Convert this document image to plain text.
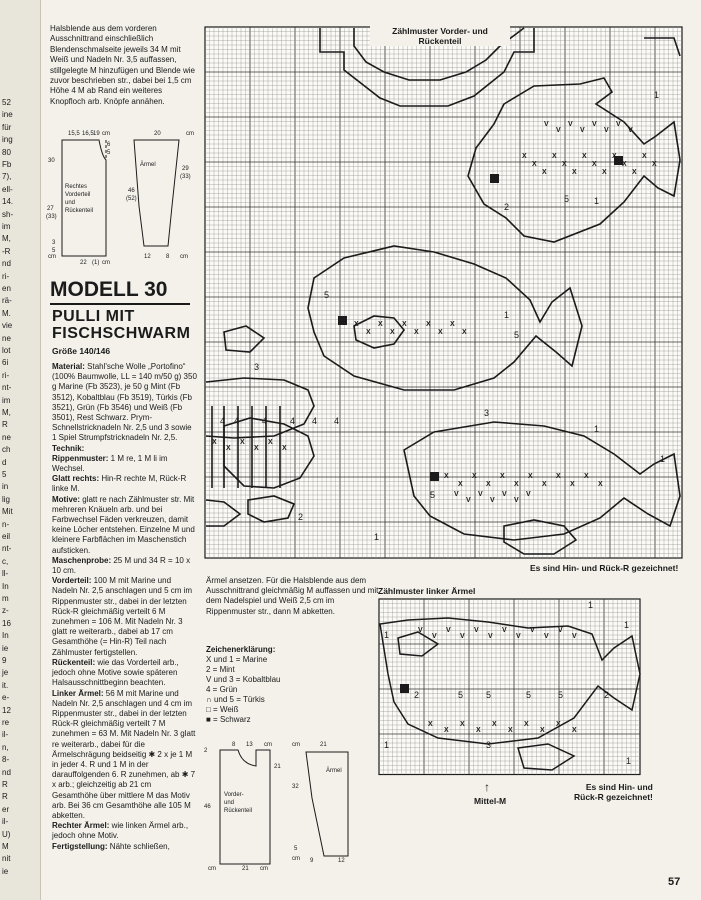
52
ine
für
ing
80
Fb
7),
ell-
14.
sh-
im
M,
-R
nd
ri-
en
rä-
M.
vie
ne
lot
6i
ri-
nt-
im
M,
R
ne
ch
d
5
in
lig
Mit
n-
eil
nt-
c,
ll-
In
m
z-
16
In
ie
9
je
it.
e-
12
re
il-
n,
8-
nd
R
R
er
il-
U)
M
nit
ie
Halsblende aus dem vorderen Ausschnittrand einschließlich Blendenschmalseite jeweils 34 M mit Weiß und Nadeln Nr. 3,5 auffassen, stillgelegte M hinzufügen und Blende wie zuvor beschrieben str., dabei bei 1,5 cm Höhe 4 M ab Rand ein weiteres Knopfloch arb. Knöpfe annähen.
15,5 16,5 19 cm
6
5
30
27
(33)
3
5
cm
22 (1) cm
Rechtes
Vorderteil
und
Rückenteil
20	cm
Ärmel
29
(33)
46
(52)
12	8 cm
MODELL 30
PULLI MIT
FISCHSCHWARM
Größe 140/146

Material: Stahl'sche Wolle „Portofino“ (100% Baumwolle, LL = 140 m/50 g) 350 g Marine (Fb 3523), je 50 g Mint (Fb 3512), Kobaltblau (Fb 3519), Türkis (Fb 3521), Grün (Fb 3546) und Weiß (Fb 3501), Rest Schwarz. Prym-Schnellstricknadeln Nr. 2,5 und 3 sowie 1 Spiel Strumpfstricknadeln Nr. 2,5.

Technik:

Rippenmuster: 1 M re, 1 M li im Wechsel.

Glatt rechts: Hin-R rechte M, Rück-R linke M.

Motive: glatt re nach Zählmuster str. Mit mehreren Knäueln arb. und bei Farbwechsel Fäden verkreuzen, damit keine Löcher entstehen. Einzelne M und kleinere Farbflächen im Maschenstich aufsticken.

Maschenprobe: 25 M und 34 R = 10 x 10 cm.

Vorderteil: 100 M mit Marine und Nadeln Nr. 2,5 anschlagen und 5 cm im Rippenmuster str., dabei in der letzten Rück-R gleichmäßig verteilt 6 M zunehmen = 106 M. Mit Nadeln Nr. 3 glatt re weiterarb., dabei ab 17 cm Gesamthöhe (= Hin-R) Teil nach Zählmuster fertigstellen.

Rückenteil: wie das Vorderteil arb., jedoch ohne Motive sowie späteren Halsausschnittbeginn beachten.

Linker Ärmel: 56 M mit Marine und Nadeln Nr. 2,5 anschlagen und 4 cm im Rippenmuster str., dabei in der letzten Rück-R gleichmäßig verteilt 7 M zunehmen = 63 M. Mit Nadeln Nr. 3 glatt re weiterarb., dabei für die Ärmelschrägung beidseitig ✱ 2 x je 1 M in jeder 4. R und 1 M in der darauffolgenden 6. R zunehmen, ab ✱ 7 x arb.; gleichzeitig ab 21 cm Gesamthöhe über mittlere M das Motiv arb. Bei 36 cm Gesamthöhe alle 105 M abketten.

Rechter Ärmel: wie linken Ärmel arb., jedoch ohne Motiv.

Fertigstellung: Nähte schließen,

Ärmel ansetzen. Für die Halsblende aus dem Ausschnittrand gleichmäßig M auffassen und mit dem Nadelspiel und Weiß 2,5 cm im Rippenmuster str., dann M abketten.
Zeichenerklärung:
X und 1 = Marine
2 = Mint
V und 3 = Kobaltblau
4 = Grün
∩ und 5 = Türkis
□ = Weiß
■ = Schwarz
2
8 13 cm
21
46
cm	21 cm
Vorder-
und
Rückenteil
cm	21
32
Ärmel
5
cm 9	12
Zählmuster Vorder- und
Rückenteil
X
X
X
X
X
X
X
X
X
X
X
X
X
X
X
X
X
X
X
X
X
X
X
X
X
X
X
X
X
X
X
X
X
X
X
X
V
V
V
V
V
V
V
V
X
X
X
X
X
X
V
V
V
V
V
V
V
1
1
1
1
1
2
2
3
3
4 4	4	4 4 4
5
5
5
5
1
Es sind Hin- und Rück-R gezeichnet!
Zählmuster linker Ärmel
V
V
V
V
V
V
V
V
V
V
V
V
X
X
X
X
X
X
X
X
X
X
1
1
1
1
1
2	2
3
5	5	5	5
↑
Mittel-M
Es sind Hin- und
Rück-R gezeichnet!
57
